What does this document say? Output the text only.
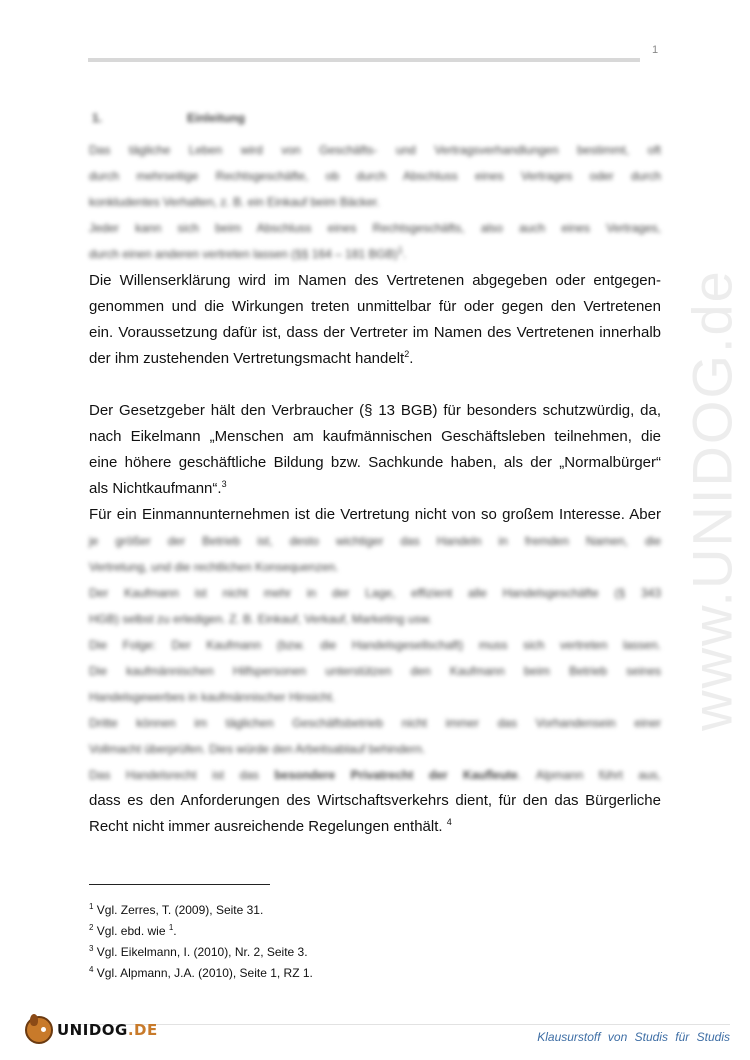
1
www.UNIDOG.de
1.	Einleitung
Das tägliche Leben wird von Geschäfts- und Vertragsverhandlungen bestimmt, oft
durch mehrseitige Rechtsgeschäfte, ob durch Abschluss eines Vertrages oder durch
konkludentes Verhalten, z. B. ein Einkauf beim Bäcker.
Jeder kann sich beim Abschluss eines Rechtsgeschäfts, also auch eines Vertrages,
durch einen anderen vertreten lassen (§§ 164 – 181 BGB)$^1$.
Die Willenserklärung wird im Namen des Vertretenen abgegeben oder entgegen-
genommen und die Wirkungen treten unmittelbar für oder gegen den Vertretenen
ein. Voraussetzung dafür ist, dass der Vertreter im Namen des Vertretenen innerhalb
der ihm zustehenden Vertretungsmacht handelt$^2$.
Der Gesetzgeber hält den Verbraucher (§ 13 BGB) für besonders schutzwürdig, da,
nach Eikelmann „Menschen am kaufmännischen Geschäftsleben teilnehmen, die
eine höhere geschäftliche Bildung bzw. Sachkunde haben, als der „Normalbürger“
als Nichtkaufmann“.$^3$
Für ein Einmannunternehmen ist die Vertretung nicht von so großem Interesse. Aber
je größer der Betrieb ist, desto wichtiger das Handeln in fremden Namen, die
Vertretung, und die rechtlichen Konsequenzen.
Der Kaufmann ist nicht mehr in der Lage, effizient alle Handelsgeschäfte (§ 343
HGB) selbst zu erledigen. Z. B. Einkauf, Verkauf, Marketing usw.
Die Folge: Der Kaufmann (bzw. die Handelsgesellschaft) muss sich vertreten lassen.
Die kaufmännischen Hilfspersonen unterstützen den Kaufmann beim Betrieb seines
Handelsgewerbes in kaufmännischer Hinsicht.
Dritte können im täglichen Geschäftsbetrieb nicht immer das Vorhandensein einer
Vollmacht überprüfen. Dies würde den Arbeitsablauf behindern.
Das Handelsrecht ist das besondere Privatrecht der Kaufleute. Alpmann führt aus,
dass es den Anforderungen des Wirtschaftsverkehrs dient, für den das Bürgerliche
Recht nicht immer ausreichende Regelungen enthält. $^4$
$^1$ Vgl. Zerres, T. (2009), Seite 31.
$^2$ Vgl. ebd. wie $^1$.
$^3$ Vgl. Eikelmann, I. (2010), Nr. 2, Seite 3.
$^4$ Vgl. Alpmann, J.A. (2010), Seite 1, RZ 1.
UNIDOG.DE	Klausurstoff von Studis für Studis
